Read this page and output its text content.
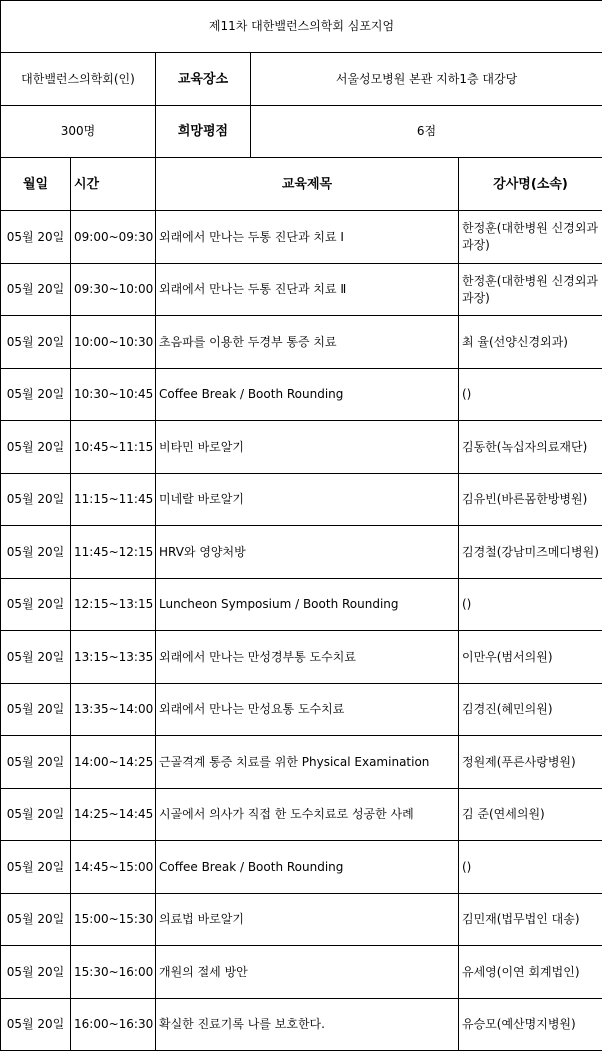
제11차 대한밸런스의학회 심포지엄				
대한밸런스의학회(인)		교육장소	서울성모병원 본관 지하1층 대강당	
300명		희망평점	6점	
월일	시간	교육제목		강사명(소속)
05월 20일	09:00~09:30	외래에서 만나는 두통 진단과 치료 Ⅰ		한정훈(대한병원 신경외과 과장)
05월 20일	09:30~10:00	외래에서 만나는 두통 진단과 치료 Ⅱ		한정훈(대한병원 신경외과 과장)
05월 20일	10:00~10:30	초음파를 이용한 두경부 통증 치료		최 율(선양신경외과)
05월 20일	10:30~10:45	Coffee Break / Booth Rounding		()
05월 20일	10:45~11:15	비타민 바로알기		김동한(녹십자의료재단)
05월 20일	11:15~11:45	미네랄 바로알기		김유빈(바른몸한방병원)
05월 20일	11:45~12:15	HRV와 영양처방		김경철(강남미즈메디병원)
05월 20일	12:15~13:15	Luncheon Symposium / Booth Rounding		()
05월 20일	13:15~13:35	외래에서 만나는 만성경부통 도수치료		이만우(범서의원)
05월 20일	13:35~14:00	외래에서 만나는 만성요통 도수치료		김경진(혜민의원)
05월 20일	14:00~14:25	근골격계 통증 치료를 위한 Physical Examination		정원제(푸른사랑병원)
05월 20일	14:25~14:45	시골에서 의사가 직접 한 도수치료로 성공한 사례		김 준(연세의원)
05월 20일	14:45~15:00	Coffee Break / Booth Rounding		()
05월 20일	15:00~15:30	의료법 바로알기		김민재(법무법인 대송)
05월 20일	15:30~16:00	개원의 절세 방안		유세영(이연 회계법인)
05월 20일	16:00~16:30	확실한 진료기록 나를 보호한다.		유승모(예산명지병원)
